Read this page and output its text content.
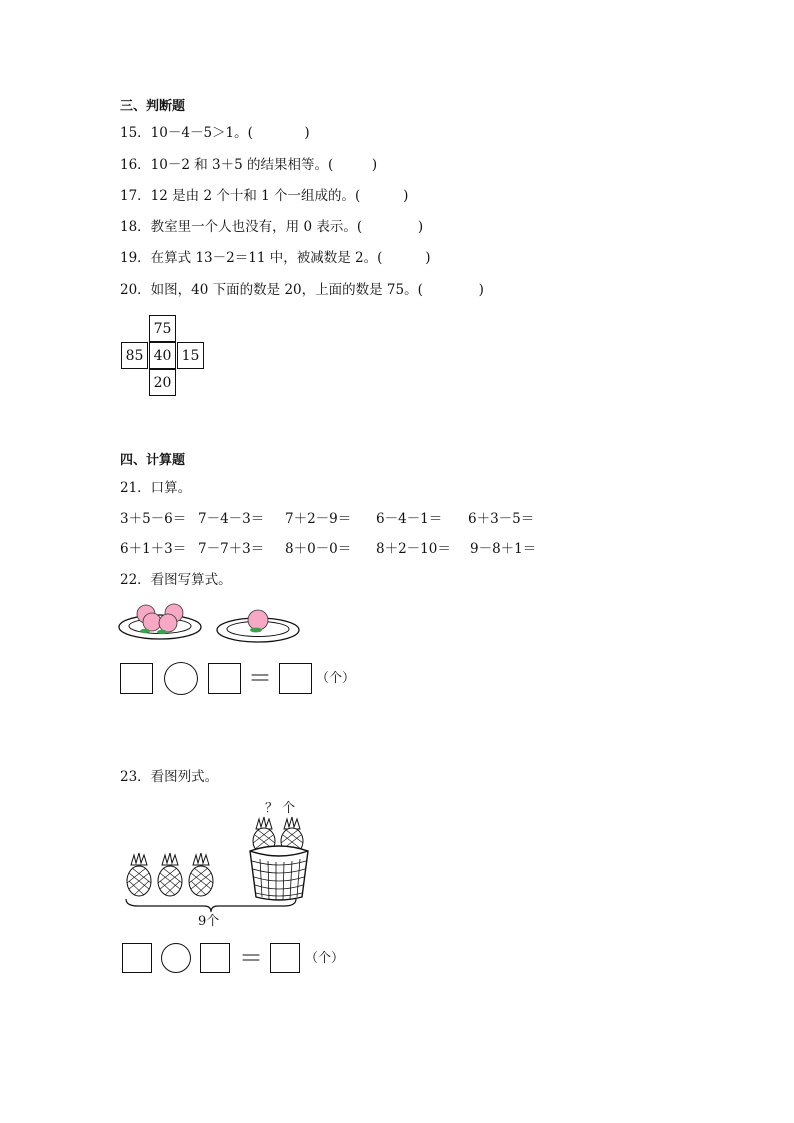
三、判断题
15．10－4－5＞1。(            )
16．10－2 和 3＋5 的结果相等。(         )
17．12 是由 2 个十和 1 个一组成的。(          )
18．教室里一个人也没有，用 0 表示。(             )
19．在算式 13－2＝11 中，被减数是 2。(          )
20．如图，40 下面的数是 20，上面的数是 75。(             )
75
85 40 15
20
四、计算题
21．口算。
3＋5－6＝ 7－4－3＝ 7＋2－9＝ 6－4－1＝ 6＋3－5＝
6＋1＋3＝ 7－7＋3＝ 8＋0－0＝ 8＋2－10＝ 9－8＋1＝
22．看图写算式。
＝	（个）
23．看图列式。
？ 个
9个
＝	（个）
